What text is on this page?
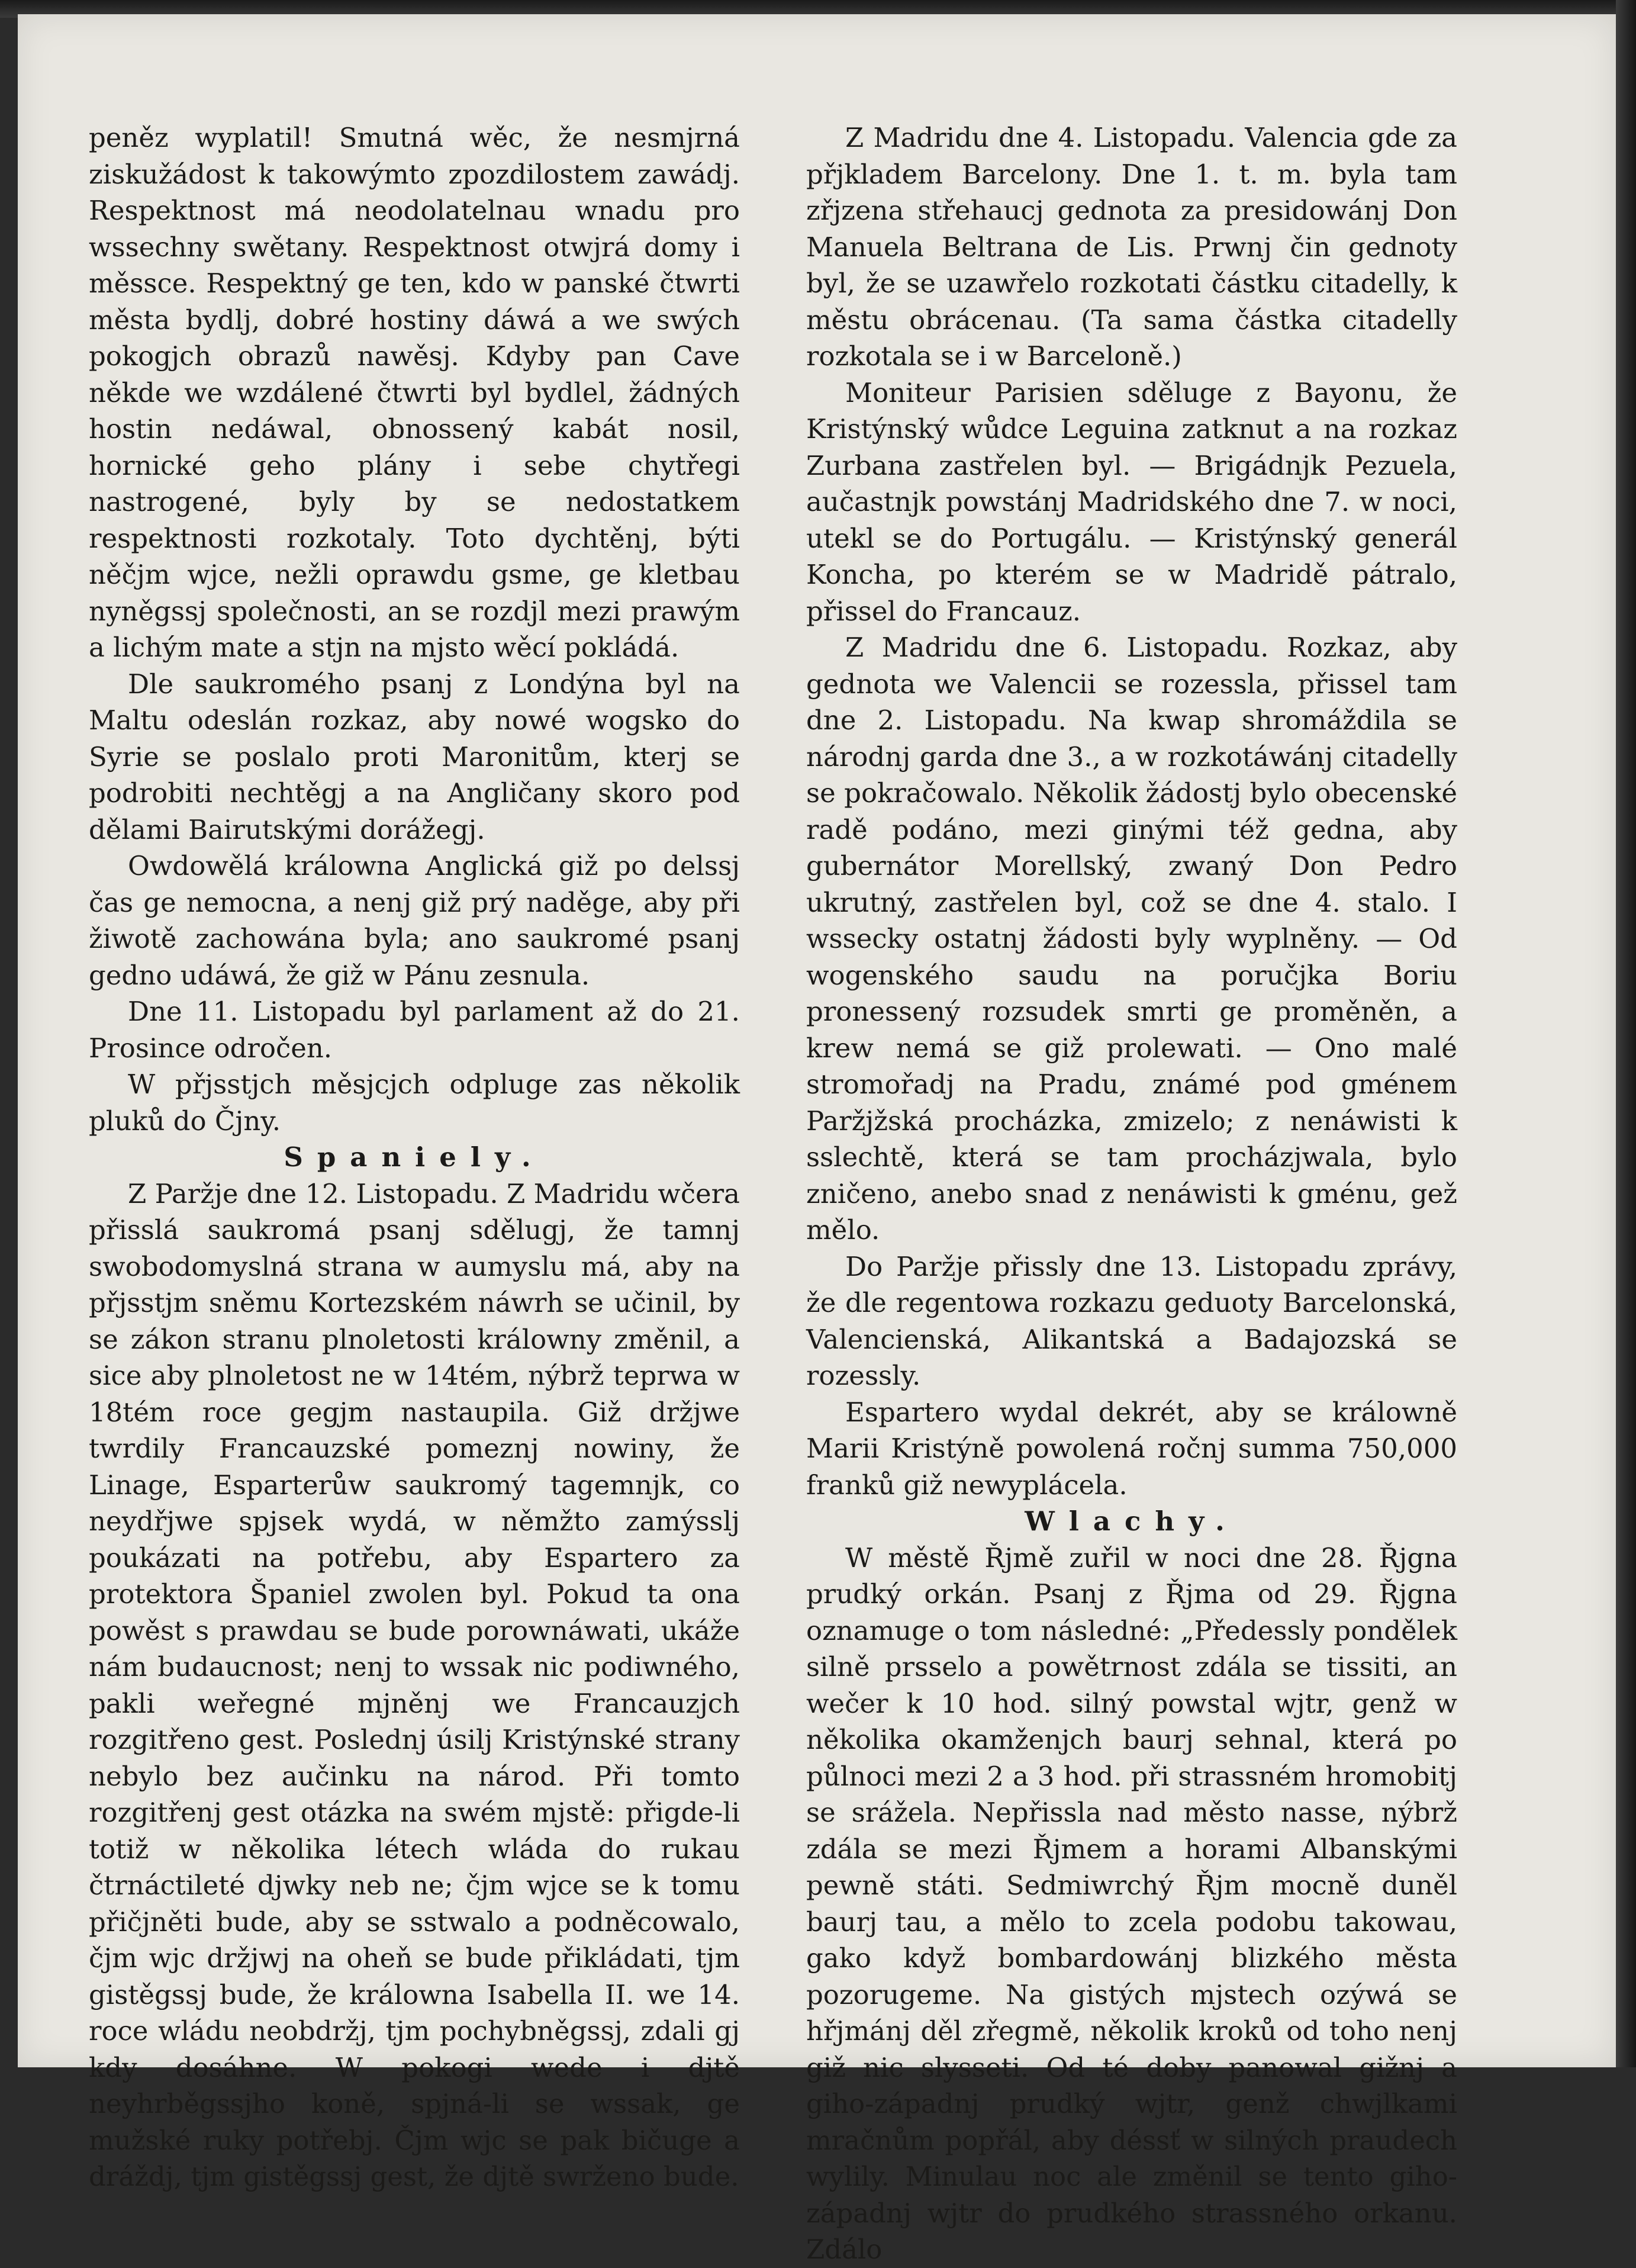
peněz wyplatil! Smutná wěc, že nesmjrná ziskužádost k takowýmto zpozdilostem zawádj. Respektnost má neodolatelnau wnadu pro wssechny swětany. Respektnost otwjrá domy i měssce. Respektný ge ten, kdo w panské čtwrti města bydlj, dobré hostiny dáwá a we swých pokogjch obrazů nawěsj. Kdyby pan Cave někde we wzdálené čtwrti byl bydlel, žádných hostin nedáwal, obnossený kabát nosil, hornické geho plány i sebe chytřegi nastrogené, byly by se nedostatkem respektnosti rozkotaly. Toto dychtěnj, býti něčjm wjce, nežli oprawdu gsme, ge kletbau nyněgssj společnosti, an se rozdjl mezi prawým a lichým mate a stjn na mjsto wěcí pokládá.

Dle saukromého psanj z Londýna byl na Maltu odeslán rozkaz, aby nowé wogsko do Syrie se poslalo proti Maronitům, kterj se podrobiti nechtěgj a na Angličany skoro pod dělami Bairutskými dorážegj.

Owdowělá králowna Anglická giž po delssj čas ge nemocna, a nenj giž prý naděge, aby při žiwotě zachowána byla; ano saukromé psanj gedno udáwá, že giž w Pánu zesnula.

Dne 11. Listopadu byl parlament až do 21. Prosince odročen.

W přjsstjch měsjcjch odpluge zas několik pluků do Čjny.

Spaniely.

Z Paržje dne 12. Listopadu. Z Madridu wčera přisslá saukromá psanj sdělugj, že tamnj swobodomyslná strana w aumyslu má, aby na přjsstjm sněmu Kortezském náwrh se učinil, by se zákon stranu plnoletosti králowny změnil, a sice aby plnoletost ne w 14tém, nýbrž teprwa w 18tém roce gegjm nastaupila. Giž držjwe twrdily Francauzské pomeznj nowiny, že Linage, Esparterůw saukromý tagemnjk, co neydřjwe spjsek wydá, w němžto zamýsslj poukázati na potřebu, aby Espartero za protektora Španiel zwolen byl. Pokud ta ona powěst s prawdau se bude porownáwati, ukáže nám budaucnost; nenj to wssak nic podiwného, pakli weřegné mjněnj we Francauzjch rozgitřeno gest. Poslednj úsilj Kristýnské strany nebylo bez aučinku na národ. Při tomto rozgitřenj gest otázka na swém mjstě: přigde-li totiž w několika létech wláda do rukau čtrnáctileté djwky neb ne; čjm wjce se k tomu přičjněti bude, aby se sstwalo a podněcowalo, čjm wjc držjwj na oheň se bude přikládati, tjm gistěgssj bude, že králowna Isabella II. we 14. roce wládu neobdržj, tjm pochybněgssj, zdali gj kdy dosáhne. W pokogi wede i djtě neyhrběgssjho koně, spjná-li se wssak, ge mužské ruky potřebj. Čjm wjc se pak bičuge a dráždj, tjm gistěgssj gest, že djtě swrženo bude.

Z Madridu dne 4. Listopadu. Valencia gde za přjkladem Barcelony. Dne 1. t. m. byla tam zřjzena střehaucj gednota za presidowánj Don Manuela Beltrana de Lis. Prwnj čin gednoty byl, že se uzawřelo rozkotati částku citadelly, k městu obrácenau. (Ta sama částka citadelly rozkotala se i w Barceloně.)

Moniteur Parisien sděluge z Bayonu, že Kristýnský wůdce Leguina zatknut a na rozkaz Zurbana zastřelen byl. — Brigádnjk Pezuela, aučastnjk powstánj Madridského dne 7. w noci, utekl se do Portugálu. — Kristýnský generál Koncha, po kterém se w Madridě pátralo, přissel do Francauz.

Z Madridu dne 6. Listopadu. Rozkaz, aby gednota we Valencii se rozessla, přissel tam dne 2. Listopadu. Na kwap shromáždila se národnj garda dne 3., a w rozkotáwánj citadelly se pokračowalo. Několik žádostj bylo obecenské radě podáno, mezi ginými též gedna, aby gubernátor Morellský, zwaný Don Pedro ukrutný, zastřelen byl, což se dne 4. stalo. I wssecky ostatnj žádosti byly wyplněny. — Od wogenského saudu na poručjka Boriu pronessený rozsudek smrti ge proměněn, a krew nemá se giž prolewati. — Ono malé stromořadj na Pradu, známé pod gménem Paržjžská procházka, zmizelo; z nenáwisti k sslechtě, která se tam procházjwala, bylo zničeno, anebo snad z nenáwisti k gménu, gež mělo.

Do Paržje přissly dne 13. Listopadu zprávy, že dle regentowa rozkazu geduoty Barcelonská, Valencienská, Alikantská a Badajozská se rozessly.

Espartero wydal dekrét, aby se králowně Marii Kristýně powolená ročnj summa 750,000 franků giž newyplácela.

Wlachy.

W městě Řjmě zuřil w noci dne 28. Řjgna prudký orkán. Psanj z Řjma od 29. Řjgna oznamuge o tom následné: „Předessly pondělek silně prsselo a powětrnost zdála se tissiti, an wečer k 10 hod. silný powstal wjtr, genž w několika okamženjch baurj sehnal, která po půlnoci mezi 2 a 3 hod. při strassném hromobitj se srážela. Nepřissla nad město nasse, nýbrž zdála se mezi Řjmem a horami Albanskými pewně státi. Sedmiwrchý Řjm mocně duněl baurj tau, a mělo to zcela podobu takowau, gako když bombardowánj blizkého města pozorugeme. Na gistých mjstech ozýwá se hřjmánj děl zřegmě, několik kroků od toho nenj giž nic slysseti. Od té doby panowal gižnj a giho-západnj prudký wjtr, genž chwjlkami mračnům popřál, aby déssť w silných praudech wylily. Minulau noc ale změnil se tento giho-západnj wjtr do prudkého strassného orkanu. Zdálo
